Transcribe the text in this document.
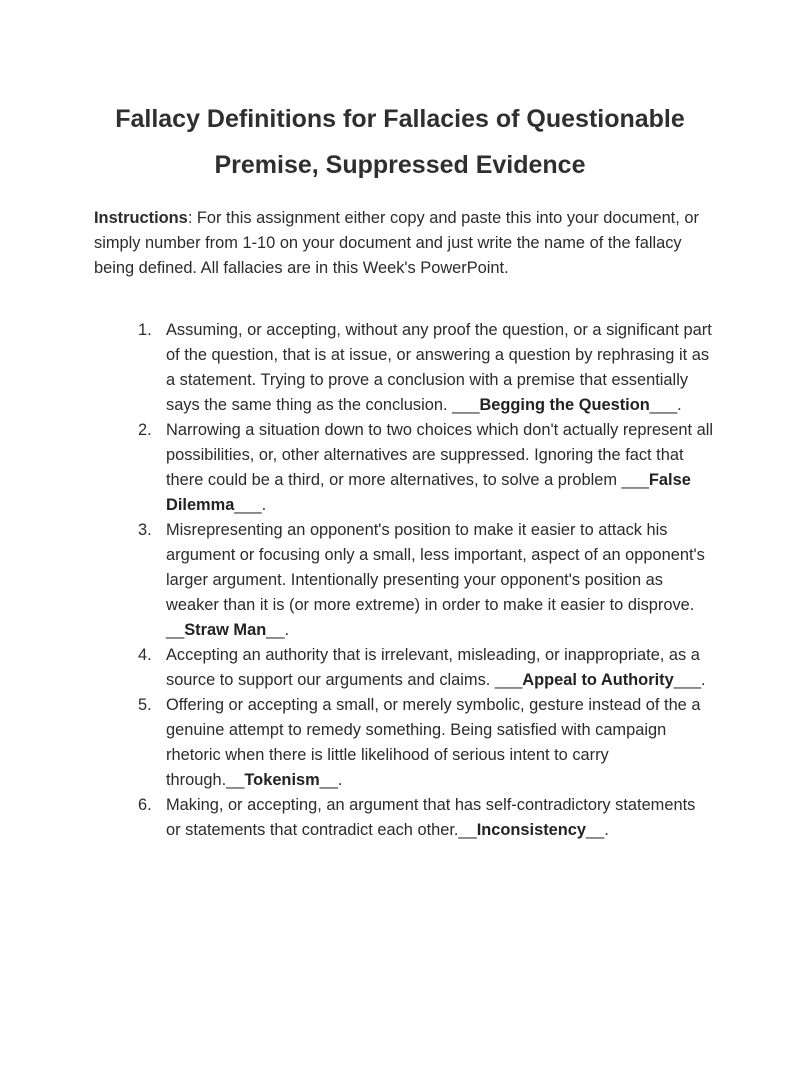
Fallacy Definitions for Fallacies of Questionable
Premise, Suppressed Evidence

Instructions: For this assignment either copy and paste this into your document, or simply number from 1-10 on your document and just write the name of the fallacy being defined. All fallacies are in this Week's PowerPoint.

1. Assuming, or accepting, without any proof the question, or a significant part of the question, that is at issue, or answering a question by rephrasing it as a statement. Trying to prove a conclusion with a premise that essentially says the same thing as the conclusion. ___Begging the Question___.
2. Narrowing a situation down to two choices which don't actually represent all possibilities, or, other alternatives are suppressed. Ignoring the fact that there could be a third, or more alternatives, to solve a problem ___False Dilemma___.
3. Misrepresenting an opponent's position to make it easier to attack his argument or focusing only a small, less important, aspect of an opponent's larger argument. Intentionally presenting your opponent's position as weaker than it is (or more extreme) in order to make it easier to disprove. __Straw Man__.
4. Accepting an authority that is irrelevant, misleading, or inappropriate, as a source to support our arguments and claims. ___Appeal to Authority___.
5. Offering or accepting a small, or merely symbolic, gesture instead of the a genuine attempt to remedy something. Being satisfied with campaign rhetoric when there is little likelihood of serious intent to carry through.__Tokenism__.
6. Making, or accepting, an argument that has self-contradictory statements or statements that contradict each other.__Inconsistency__.
